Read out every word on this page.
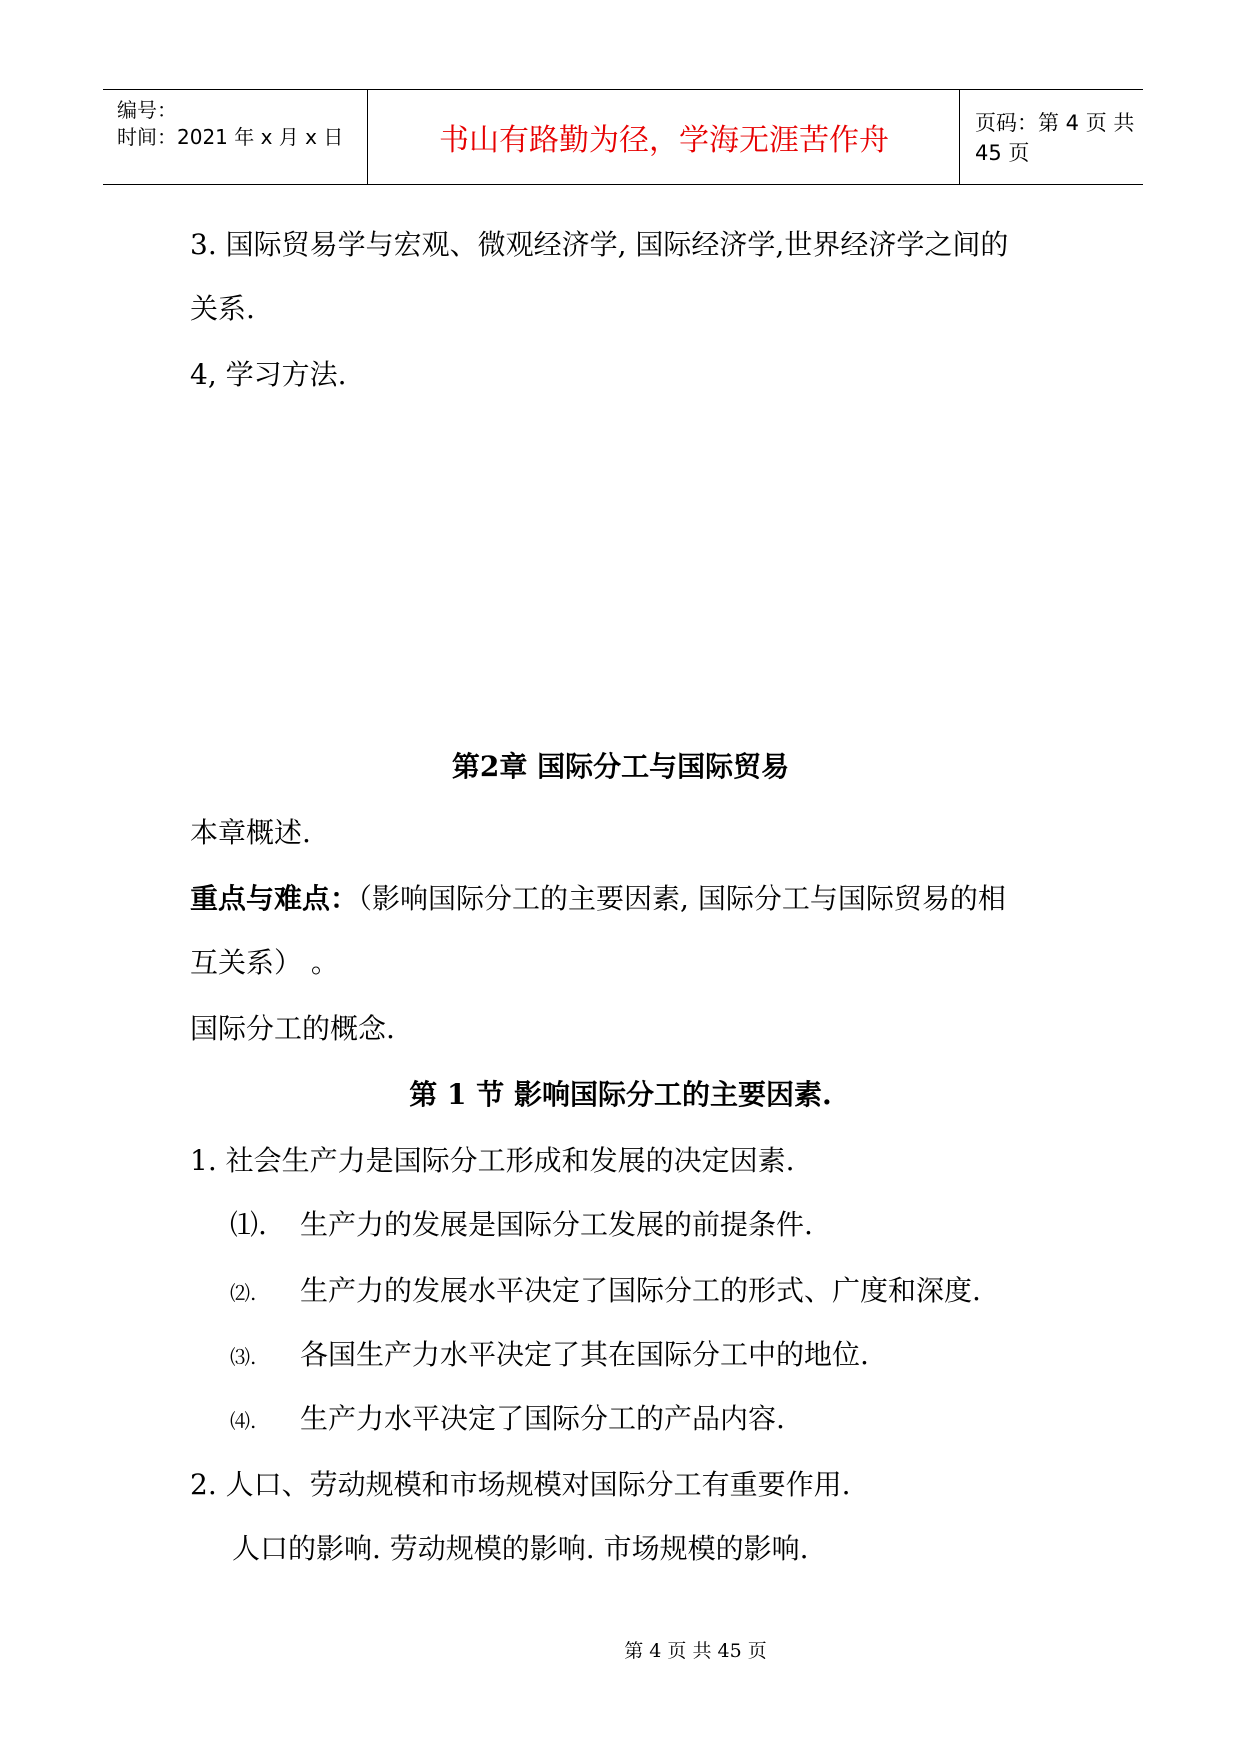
编号：
时间：2021 年 x 月 x 日	书山有路勤为径，学海无涯苦作舟	页码：第 4 页 共 45 页
3. 国际贸易学与宏观、微观经济学, 国际经济学,世界经济学之间的
关系.
4, 学习方法.
第2章 国际分工与国际贸易
本章概述.
重点与难点：（影响国际分工的主要因素, 国际分工与国际贸易的相
互关系） 。
国际分工的概念.
第 1 节 影响国际分工的主要因素.
1. 社会生产力是国际分工形成和发展的决定因素.
⑴. 生产力的发展是国际分工发展的前提条件.
⑵. 生产力的发展水平决定了国际分工的形式、广度和深度.
⑶. 各国生产力水平决定了其在国际分工中的地位.
⑷. 生产力水平决定了国际分工的产品内容.
2. 人口、劳动规模和市场规模对国际分工有重要作用.
人口的影响. 劳动规模的影响. 市场规模的影响.
第 4 页 共 45 页
